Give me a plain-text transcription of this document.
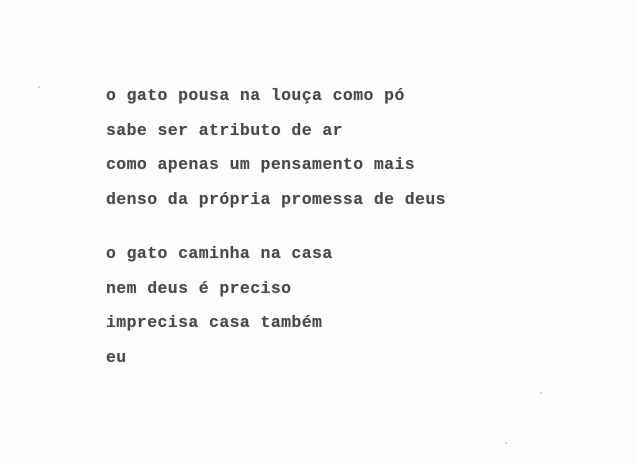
o gato pousa na louça como pó
sabe ser atributo de ar
como apenas um pensamento mais
denso da própria promessa de deus
o gato caminha na casa
nem deus é preciso
imprecisa casa também
eu
